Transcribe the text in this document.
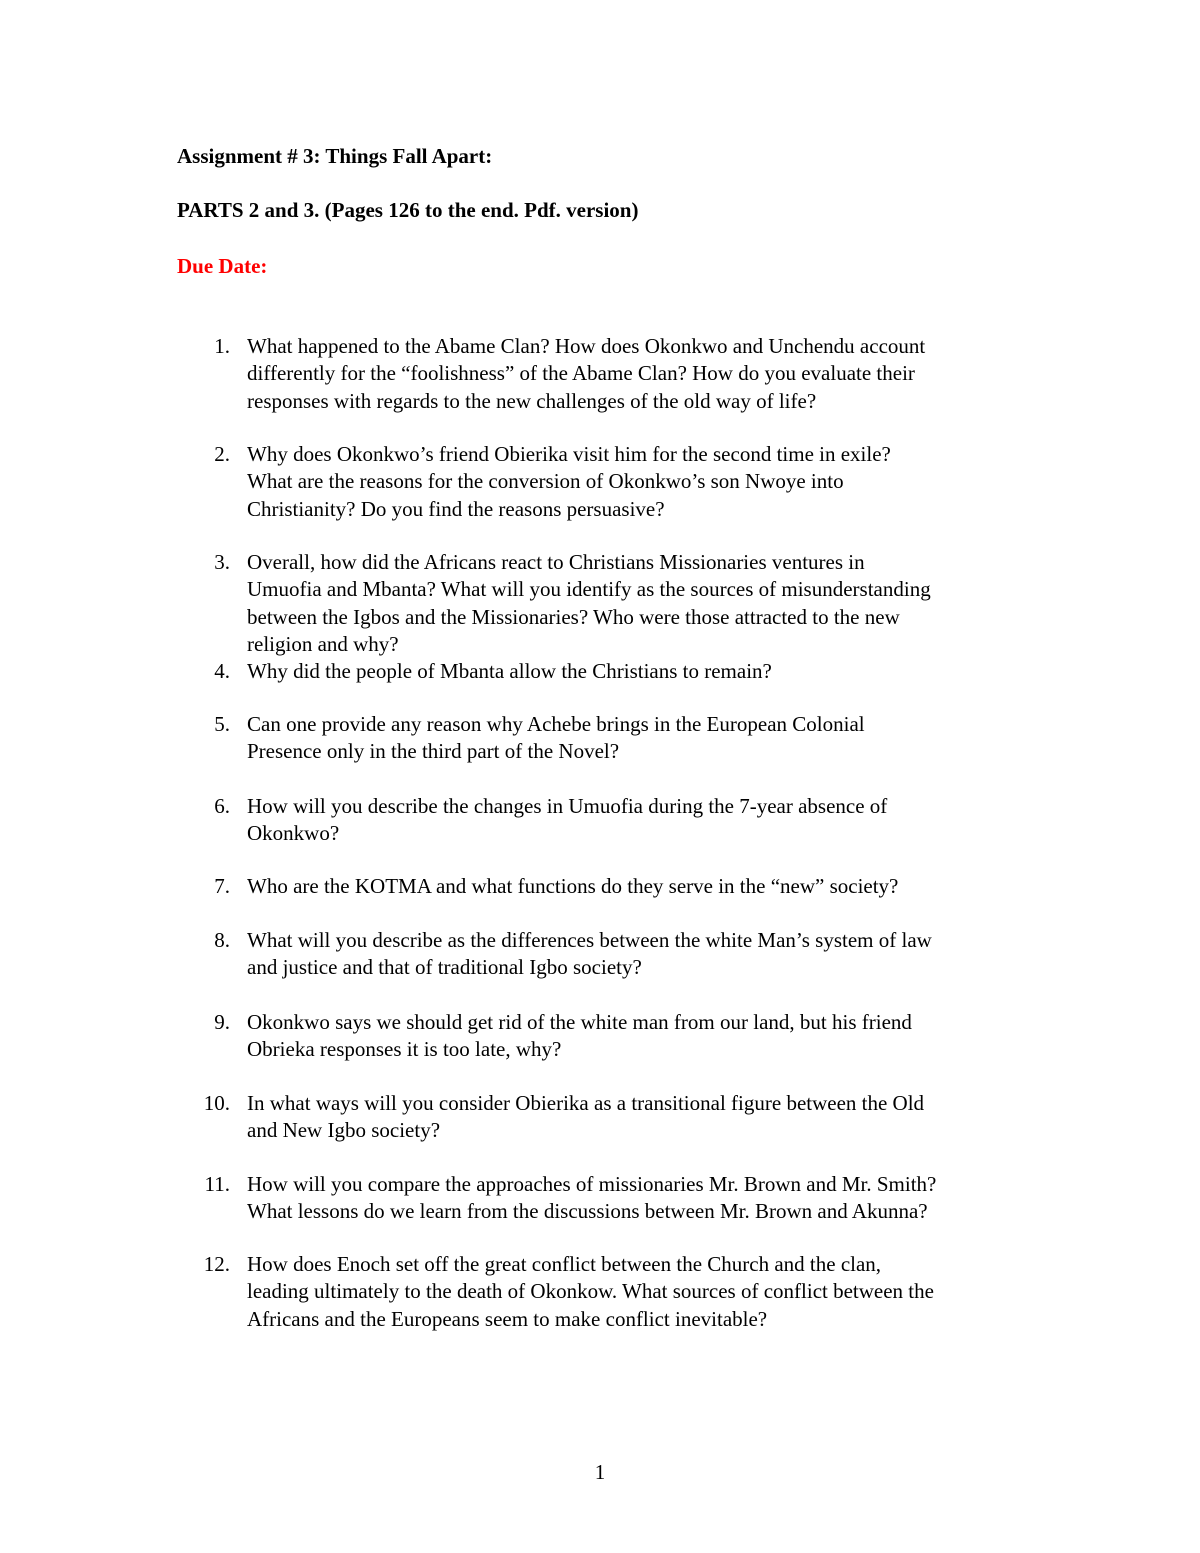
Assignment # 3: Things Fall Apart:
PARTS 2 and 3. (Pages 126 to the end. Pdf. version)
Due Date:
1. What happened to the Abame Clan? How does Okonkwo and Unchendu account
differently for the “foolishness” of the Abame Clan? How do you evaluate their
responses with regards to the new challenges of the old way of life?
2. Why does Okonkwo’s friend Obierika visit him for the second time in exile?
What are the reasons for the conversion of Okonkwo’s son Nwoye into
Christianity? Do you find the reasons persuasive?
3. Overall, how did the Africans react to Christians Missionaries ventures in
Umuofia and Mbanta? What will you identify as the sources of misunderstanding
between the Igbos and the Missionaries? Who were those attracted to the new
religion and why?
4. Why did the people of Mbanta allow the Christians to remain?
5. Can one provide any reason why Achebe brings in the European Colonial
Presence only in the third part of the Novel?
6. How will you describe the changes in Umuofia during the 7-year absence of
Okonkwo?
7. Who are the KOTMA and what functions do they serve in the “new” society?
8. What will you describe as the differences between the white Man’s system of law
and justice and that of traditional Igbo society?
9. Okonkwo says we should get rid of the white man from our land, but his friend
Obrieka responses it is too late, why?
10. In what ways will you consider Obierika as a transitional figure between the Old
and New Igbo society?
11. How will you compare the approaches of missionaries Mr. Brown and Mr. Smith?
What lessons do we learn from the discussions between Mr. Brown and Akunna?
12. How does Enoch set off the great conflict between the Church and the clan,
leading ultimately to the death of Okonkow. What sources of conflict between the
Africans and the Europeans seem to make conflict inevitable?
1
